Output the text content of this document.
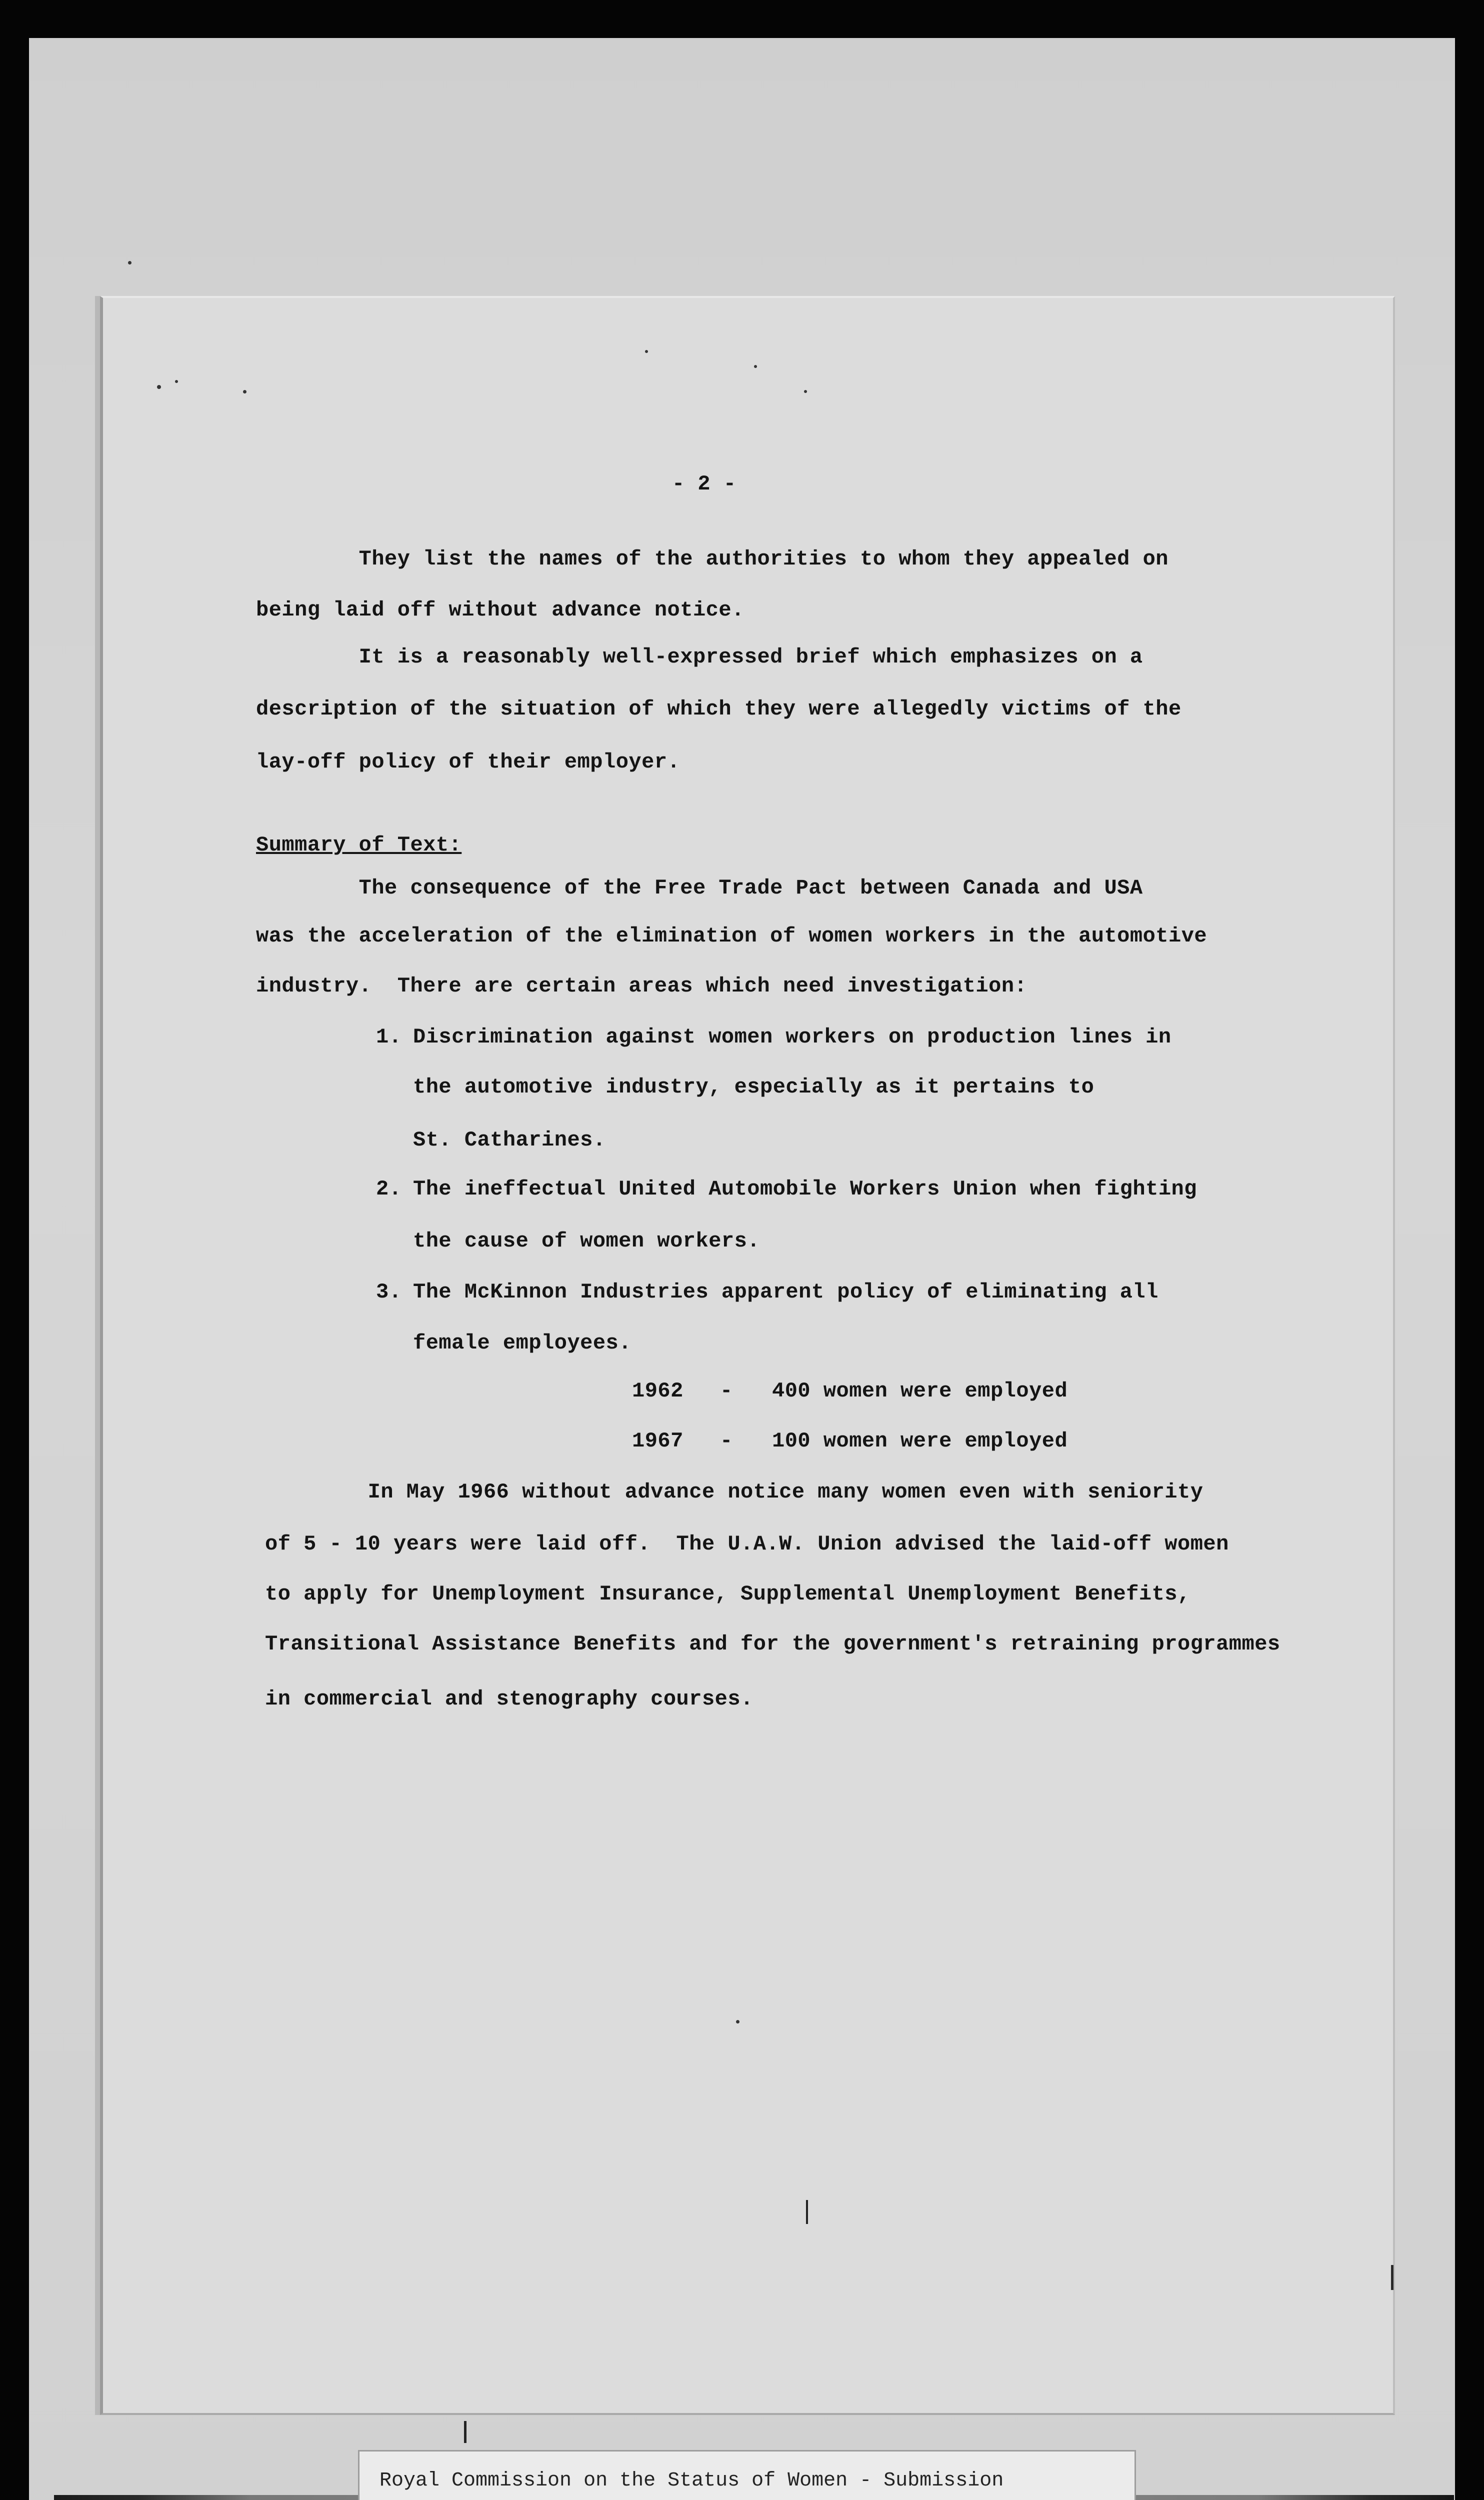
- 2 -
They list the names of the authorities to whom they appealed on
being laid off without advance notice.
It is a reasonably well-expressed brief which emphasizes on a
description of the situation of which they were allegedly victims of the
lay-off policy of their employer.
Summary of Text:
The consequence of the Free Trade Pact between Canada and USA
was the acceleration of the elimination of women workers in the automotive
industry.  There are certain areas which need investigation:
1. Discrimination against women workers on production lines in
the automotive industry, especially as it pertains to
St. Catharines.
2. The ineffectual United Automobile Workers Union when fighting
the cause of women workers.
3. The McKinnon Industries apparent policy of eliminating all
female employees.
1962 - 400 women were employed
1967 - 100 women were employed
In May 1966 without advance notice many women even with seniority
of 5 - 10 years were laid off.  The U.A.W. Union advised the laid-off women
to apply for Unemployment Insurance, Supplemental Unemployment Benefits,
Transitional Assistance Benefits and for the government's retraining programmes
in commercial and stenography courses.
Royal Commission on the Status of Women - Submission
